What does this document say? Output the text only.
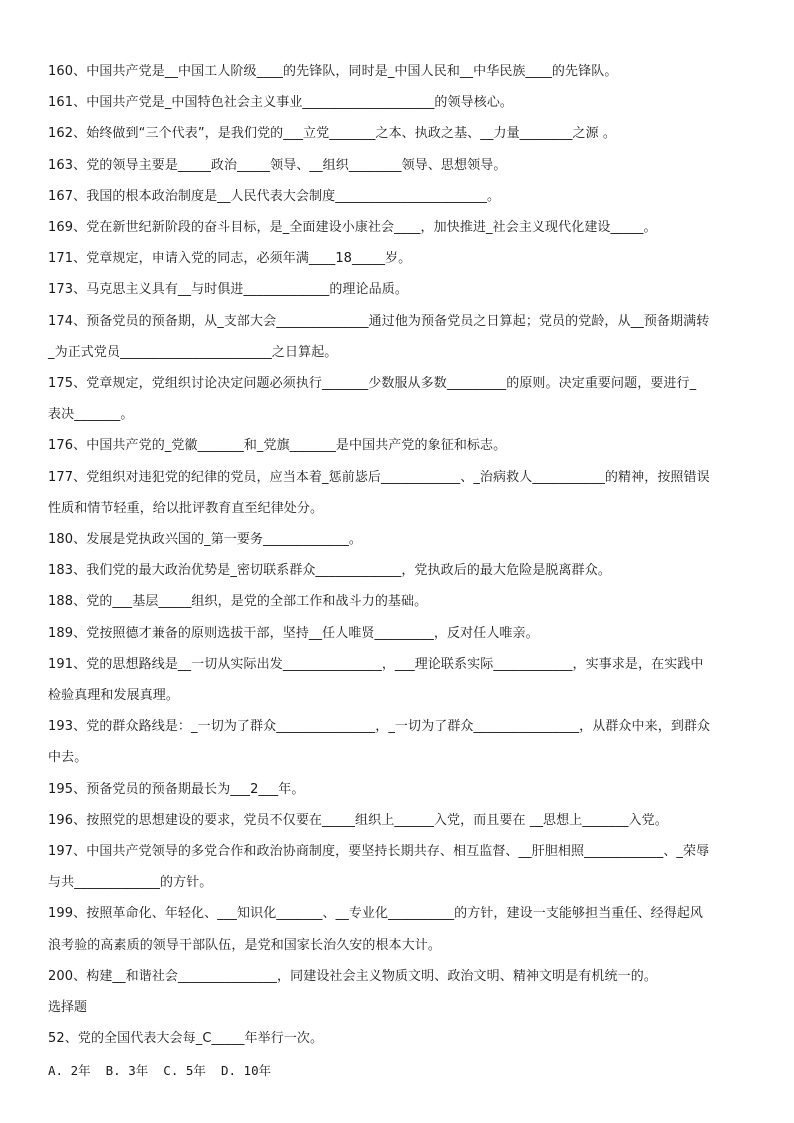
160、中国共产党是__中国工人阶级____的先锋队，同时是_中国人民和__中华民族____的先锋队。
161、中国共产党是_中国特色社会主义事业____________________的领导核心。
162、始终做到“三个代表”，是我们党的___立党_______之本、执政之基、__力量________之源 。
163、党的领导主要是_____政治_____领导、__组织________领导、思想领导。
167、我国的根本政治制度是__人民代表大会制度_______________________。
169、党在新世纪新阶段的奋斗目标，是_全面建设小康社会____，加快推进_社会主义现代化建设_____。
171、党章规定，申请入党的同志，必须年满____18_____岁。
173、马克思主义具有__与时俱进_____________的理论品质。
174、预备党员的预备期，从_支部大会______________通过他为预备党员之日算起；党员的党龄，从__预备期满转
_为正式党员_______________________之日算起。
175、党章规定，党组织讨论决定问题必须执行_______少数服从多数_________的原则。决定重要问题，要进行_
表决_______。
176、中国共产党的_党徽_______和_党旗_______是中国共产党的象征和标志。
177、党组织对违犯党的纪律的党员，应当本着_惩前毖后____________、_治病救人___________的精神，按照错误
性质和情节轻重，给以批评教育直至纪律处分。
180、发展是党执政兴国的_第一要务_____________。
183、我们党的最大政治优势是_密切联系群众_____________，党执政后的最大危险是脱离群众。
188、党的___基层_____组织，是党的全部工作和战斗力的基础。
189、党按照德才兼备的原则选拔干部，坚持__任人唯贤_________，反对任人唯亲。
191、党的思想路线是__一切从实际出发_______________，___理论联系实际____________，实事求是，在实践中
检验真理和发展真理。
193、党的群众路线是：_一切为了群众_______________，_一切为了群众________________，从群众中来，到群众
中去。
195、预备党员的预备期最长为___2___年。
196、按照党的思想建设的要求，党员不仅要在_____组织上______入党，而且要在 __思想上_______入党。
197、中国共产党领导的多党合作和政治协商制度，要坚持长期共存、相互监督、__肝胆相照____________、_荣辱
与共_____________的方针。
199、按照革命化、年轻化、___知识化_______、__专业化__________的方针，建设一支能够担当重任、经得起风
浪考验的高素质的领导干部队伍，是党和国家长治久安的根本大计。
200、构建__和谐社会_______________，同建设社会主义物质文明、政治文明、精神文明是有机统一的。
选择题
52、党的全国代表大会每_C_____年举行一次。
A. 2年  B. 3年  C. 5年  D. 10年
